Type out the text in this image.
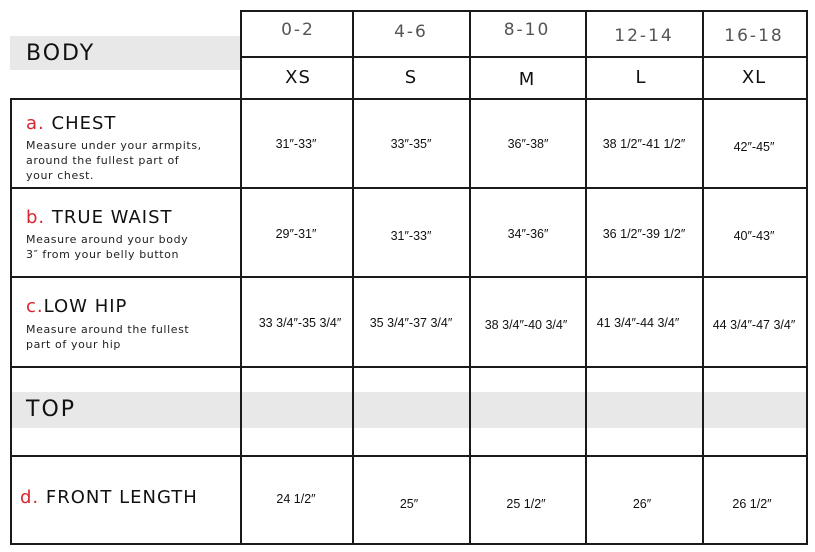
BODY
TOP
0-2	4-6	8-10	12-14	16-18
XS	S	M	L	XL
a. CHEST
Measure under your armpits,
around the fullest part of
your chest.
31″-33″	33″-35″	36″-38″	38 1/2″-41 1/2″	42″-45″
b. TRUE WAIST
Measure around your body
3″ from your belly button
29″-31″	31″-33″	34″-36″	36 1/2″-39 1/2″	40″-43″
c.LOW HIP
Measure around the fullest
part of your hip
33 3/4″-35 3/4″	35 3/4″-37 3/4″	38 3/4″-40 3/4″	41 3/4″-44 3/4″	44 3/4″-47 3/4″
d. FRONT LENGTH	24 1/2″	25″	25 1/2″	26″	26 1/2″
